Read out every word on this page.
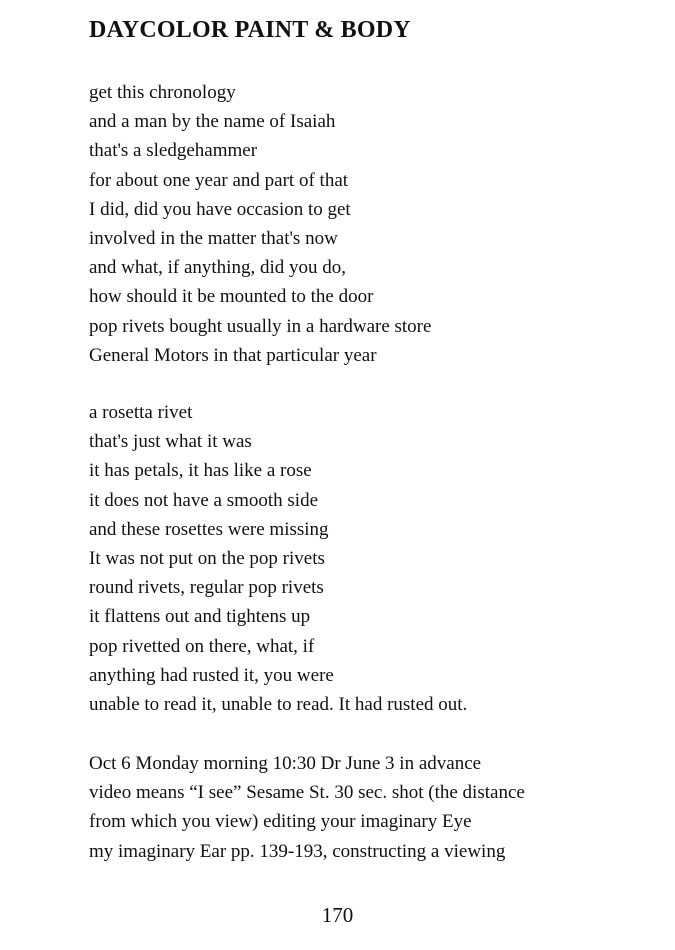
DAYCOLOR PAINT & BODY
get this chronology
and a man by the name of Isaiah
that's a sledgehammer
for about one year and part of that
I did, did you have occasion to get
involved in the matter that's now
and what, if anything, did you do,
how should it be mounted to the door
pop rivets bought usually in a hardware store
General Motors in that particular year
a rosetta rivet
that's just what it was
it has petals, it has like a rose
it does not have a smooth side
and these rosettes were missing
It was not put on the pop rivets
round rivets, regular pop rivets
it flattens out and tightens up
pop rivetted on there, what, if
anything had rusted it, you were
unable to read it, unable to read. It had rusted out.
Oct 6 Monday morning 10:30 Dr June 3 in advance
video means “I see” Sesame St. 30 sec. shot (the distance
from which you view) editing your imaginary Eye
my imaginary Ear pp. 139-193, constructing a viewing
170
